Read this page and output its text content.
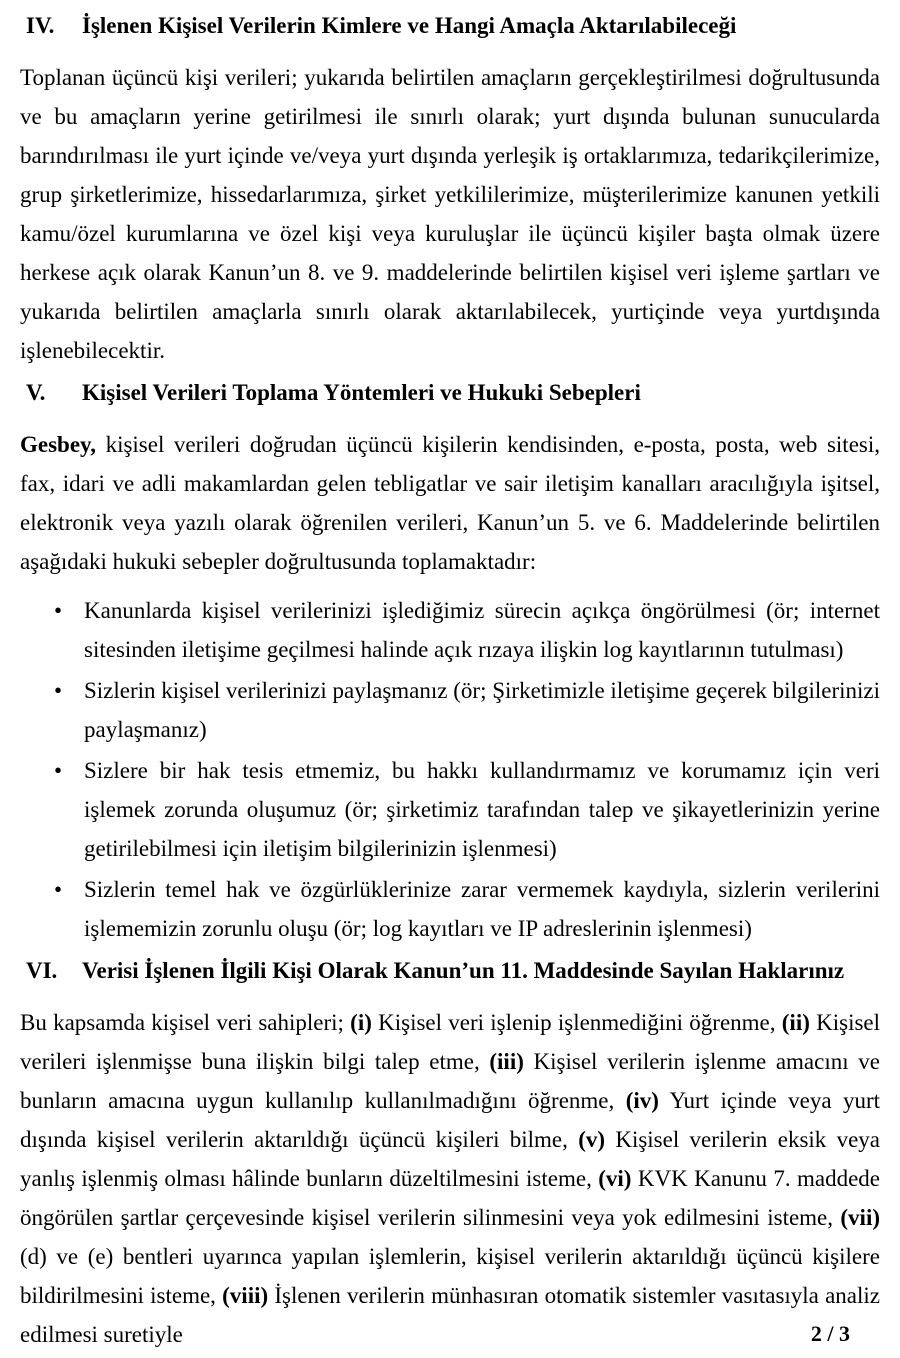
IV.	İşlenen Kişisel Verilerin Kimlere ve Hangi Amaçla Aktarılabileceği

Toplanan üçüncü kişi verileri; yukarıda belirtilen amaçların gerçekleştirilmesi doğrultusunda ve bu amaçların yerine getirilmesi ile sınırlı olarak; yurt dışında bulunan sunucularda barındırılması ile yurt içinde ve/veya yurt dışında yerleşik iş ortaklarımıza, tedarikçilerimize, grup şirketlerimize, hissedarlarımıza, şirket yetkililerimize, müşterilerimize kanunen yetkili kamu/özel kurumlarına ve özel kişi veya kuruluşlar ile üçüncü kişiler başta olmak üzere herkese açık olarak Kanun’un 8. ve 9. maddelerinde belirtilen kişisel veri işleme şartları ve yukarıda belirtilen amaçlarla sınırlı olarak aktarılabilecek, yurtiçinde veya yurtdışında işlenebilecektir.

V.	Kişisel Verileri Toplama Yöntemleri ve Hukuki Sebepleri

Gesbey, kişisel verileri doğrudan üçüncü kişilerin kendisinden, e-posta, posta, web sitesi, fax, idari ve adli makamlardan gelen tebligatlar ve sair iletişim kanalları aracılığıyla işitsel, elektronik veya yazılı olarak öğrenilen verileri, Kanun’un 5. ve 6. Maddelerinde belirtilen aşağıdaki hukuki sebepler doğrultusunda toplamaktadır:

• Kanunlarda kişisel verilerinizi işlediğimiz sürecin açıkça öngörülmesi (ör; internet sitesinden iletişime geçilmesi halinde açık rızaya ilişkin log kayıtlarının tutulması)
• Sizlerin kişisel verilerinizi paylaşmanız (ör; Şirketimizle iletişime geçerek bilgilerinizi paylaşmanız)
• Sizlere bir hak tesis etmemiz, bu hakkı kullandırmamız ve korumamız için veri işlemek zorunda oluşumuz (ör; şirketimiz tarafından talep ve şikayetlerinizin yerine getirilebilmesi için iletişim bilgilerinizin işlenmesi)
• Sizlerin temel hak ve özgürlüklerinize zarar vermemek kaydıyla, sizlerin verilerini işlememizin zorunlu oluşu (ör; log kayıtları ve IP adreslerinin işlenmesi)
VI.	Verisi İşlenen İlgili Kişi Olarak Kanun’un 11. Maddesinde Sayılan Haklarınız

Bu kapsamda kişisel veri sahipleri; (i) Kişisel veri işlenip işlenmediğini öğrenme, (ii) Kişisel verileri işlenmişse buna ilişkin bilgi talep etme, (iii) Kişisel verilerin işlenme amacını ve bunların amacına uygun kullanılıp kullanılmadığını öğrenme, (iv) Yurt içinde veya yurt dışında kişisel verilerin aktarıldığı üçüncü kişileri bilme, (v) Kişisel verilerin eksik veya yanlış işlenmiş olması hâlinde bunların düzeltilmesini isteme, (vi) KVK Kanunu 7. maddede öngörülen şartlar çerçevesinde kişisel verilerin silinmesini veya yok edilmesini isteme, (vii) (d) ve (e) bentleri uyarınca yapılan işlemlerin, kişisel verilerin aktarıldığı üçüncü kişilere bildirilmesini isteme, (viii) İşlenen verilerin münhasıran otomatik sistemler vasıtasıyla analiz edilmesi suretiyle	2 / 3
